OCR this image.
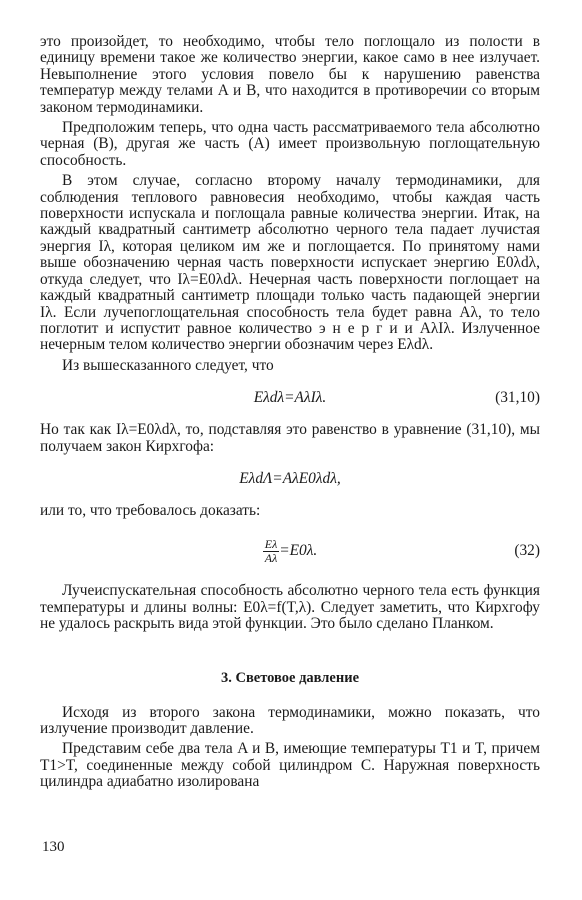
это произойдет, то необходимо, чтобы тело поглощало из полости в единицу времени такое же количество энергии, какое само в нее излучает. Невыполнение этого условия повело бы к нарушению равенства температур между телами A и B, что находится в противоречии со вторым законом термодинамики.

Предположим теперь, что одна часть рассматриваемого тела абсолютно черная (B), другая же часть (A) имеет произвольную поглощательную способность.

В этом случае, согласно второму началу термодинамики, для соблюдения теплового равновесия необходимо, чтобы каждая часть поверхности испускала и поглощала равные количества энергии. Итак, на каждый квадратный сантиметр абсолютно черного тела падает лучистая энергия Iλ, которая целиком им же и поглощается. По принятому нами выше обозначению черная часть поверхности испускает энергию E0λdλ, откуда следует, что Iλ=E0λdλ. Нечерная часть поверхности поглощает на каждый квадратный сантиметр площади только часть падающей энергии Iλ. Если лучепоглощательная способность тела будет равна Aλ, то тело поглотит и испустит равное количество э н е р г и и AλIλ. Излученное нечерным телом количество энергии обозначим через Eλdλ.

Из вышесказанного следует, что

Eλdλ=AλIλ.	(31,10)

Но так как Iλ=E0λdλ, то, подставляя это равенство в уравнение (31,10), мы получаем закон Кирхгофа:

EλdΛ=AλE0λdλ,

или то, что требовалось доказать:

$\frac{E\lambda}{A\lambda} =E0\lambda$.	(32)

Лучеиспускательная способность абсолютно черного тела есть функция температуры и длины волны: E0λ=f(T,λ). Следует заметить, что Кирхгофу не удалось раскрыть вида этой функции. Это было сделано Планком.

3. Световое давление

Исходя из второго закона термодинамики, можно показать, что излучение производит давление.

Представим себе два тела A и B, имеющие температуры T1 и T, причем T1>T, соединенные между собой цилиндром C. Наружная поверхность цилиндра адиабатно изолирована

130
